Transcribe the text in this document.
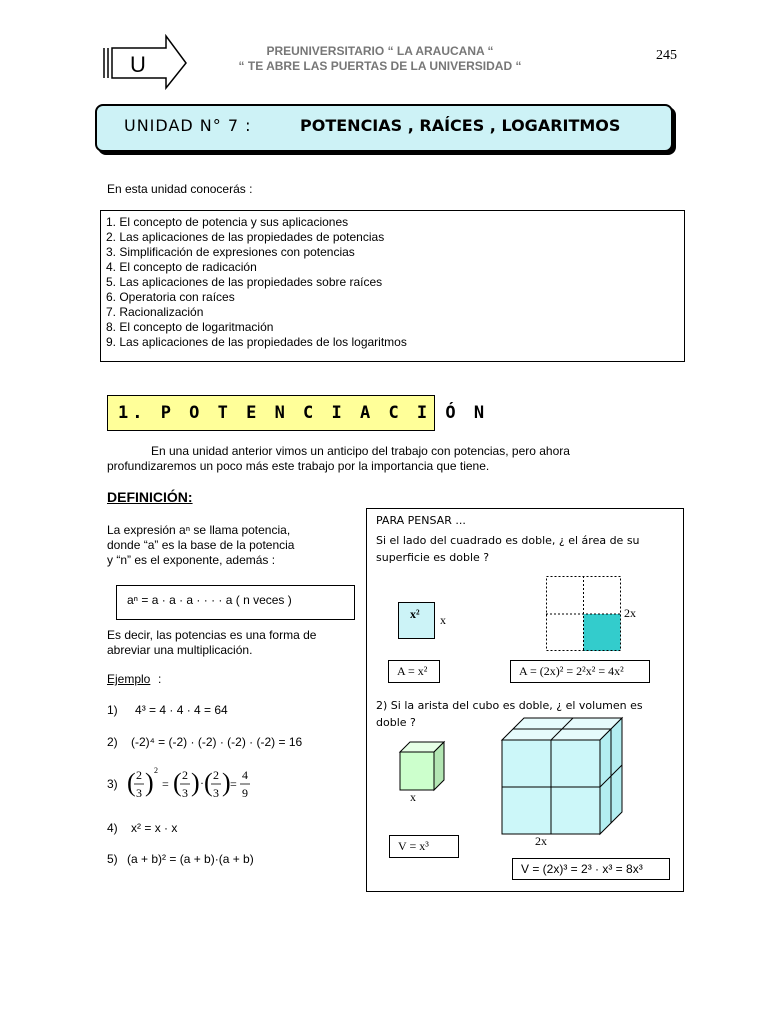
U
PREUNIVERSITARIO “ LA ARAUCANA “
“ TE ABRE LAS PUERTAS DE LA UNIVERSIDAD “
245
UNIDAD N° 7 :	POTENCIAS , RAÍCES , LOGARITMOS
En esta unidad conocerás :
1. El concepto de potencia y sus aplicaciones
2. Las aplicaciones de las propiedades de potencias
3. Simplificación de expresiones con potencias
4. El concepto de radicación
5. Las aplicaciones de las propiedades sobre raíces
6. Operatoria con raíces
7. Racionalización
8. El concepto de logaritmación
9. Las aplicaciones de las propiedades de los logaritmos
1. P O T E N C I A C I Ó N
En una unidad anterior vimos un anticipo del trabajo con potencias, pero ahora
profundizaremos un poco más este trabajo por la importancia que tiene.
DEFINICIÓN:
La expresión aⁿ se llama potencia,
donde “a” es la base de la potencia
y “n” es el exponente, además :
aⁿ = a · a · a · · · · a ( n veces )
Es decir, las potencias es una forma de
abreviar una multiplicación.
Ejemplo :
1) 4³ = 4 · 4 · 4 = 64
2) (-2)⁴ = (-2) · (-2) · (-2) · (-2) = 16
3) ( 2
3 ) 2
= ( 2
3 ) · ( 2
3 ) =
4
9
4) x² = x · x
5) (a + b)² = (a + b)·(a + b)
PARA PENSAR ...
Si el lado del cuadrado es doble, ¿ el área de su superficie es doble ?
x² x	2x
A = x²	A = (2x)² = 2²x² = 4x²
2) Si la arista del cubo es doble, ¿ el volumen es doble ?
x
2x
V = x³
V = (2x)³ = 2³ · x³ = 8x³
